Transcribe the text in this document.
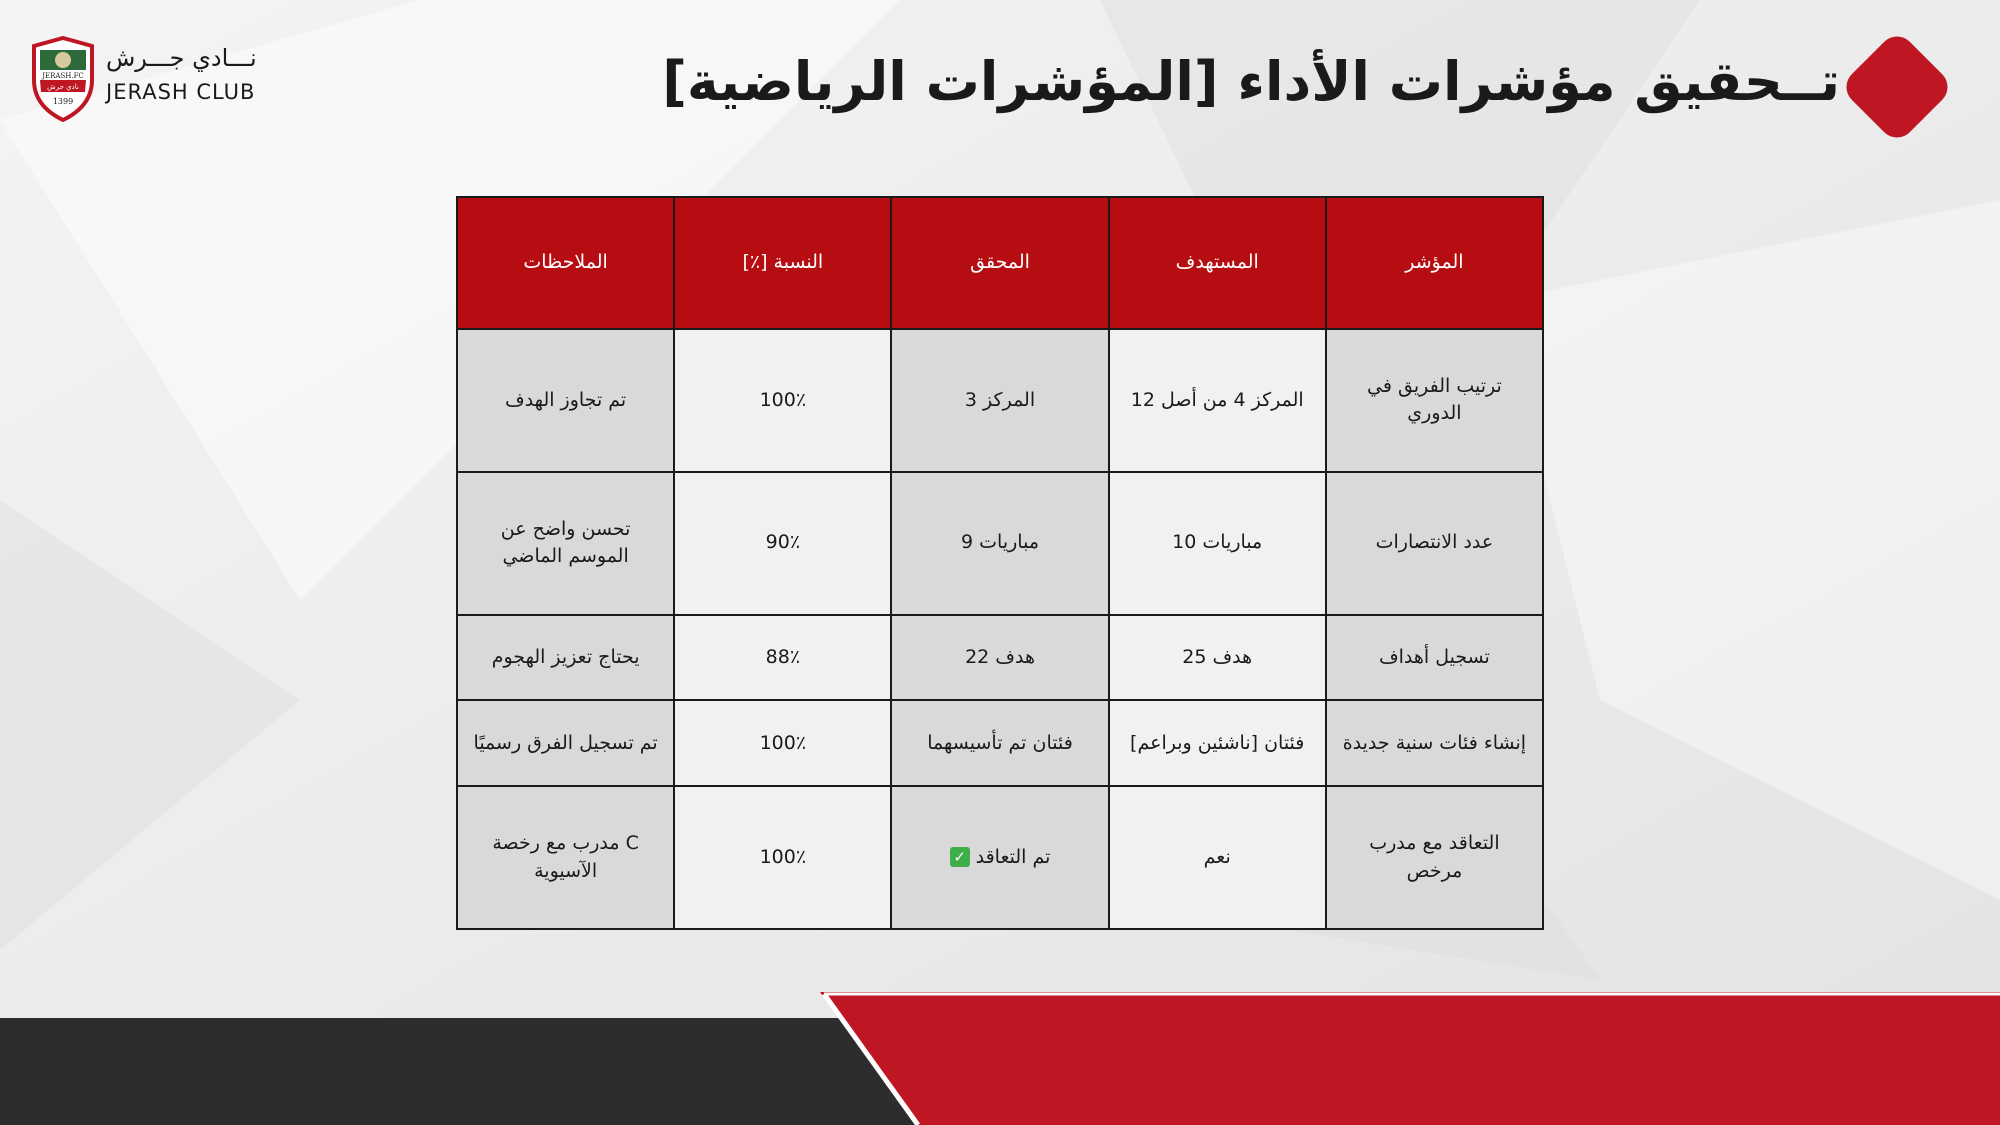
JERASH.FC
نادي جرش
1399
نـــادي جـــرش
JERASH CLUB	تــحقيق مؤشرات الأداء [المؤشرات الرياضية]
المؤشر	المستهدف	المحقق	النسبة [٪]	الملاحظات
ترتيب الفريق في الدوري	المركز 4 من أصل 12	المركز 3	100٪	تم تجاوز الهدف
عدد الانتصارات	مباريات 10	مباريات 9	90٪	تحسن واضح عن الموسم الماضي
تسجيل أهداف	هدف 25	هدف 22	88٪	يحتاج تعزيز الهجوم
إنشاء فئات سنية جديدة	فئتان [ناشئين وبراعم]	فئتان تم تأسيسهما	100٪	تم تسجيل الفرق رسميًا
التعاقد مع مدرب مرخص	نعم	تم التعاقد✓	100٪	C مدرب مع رخصة الآسيوية
